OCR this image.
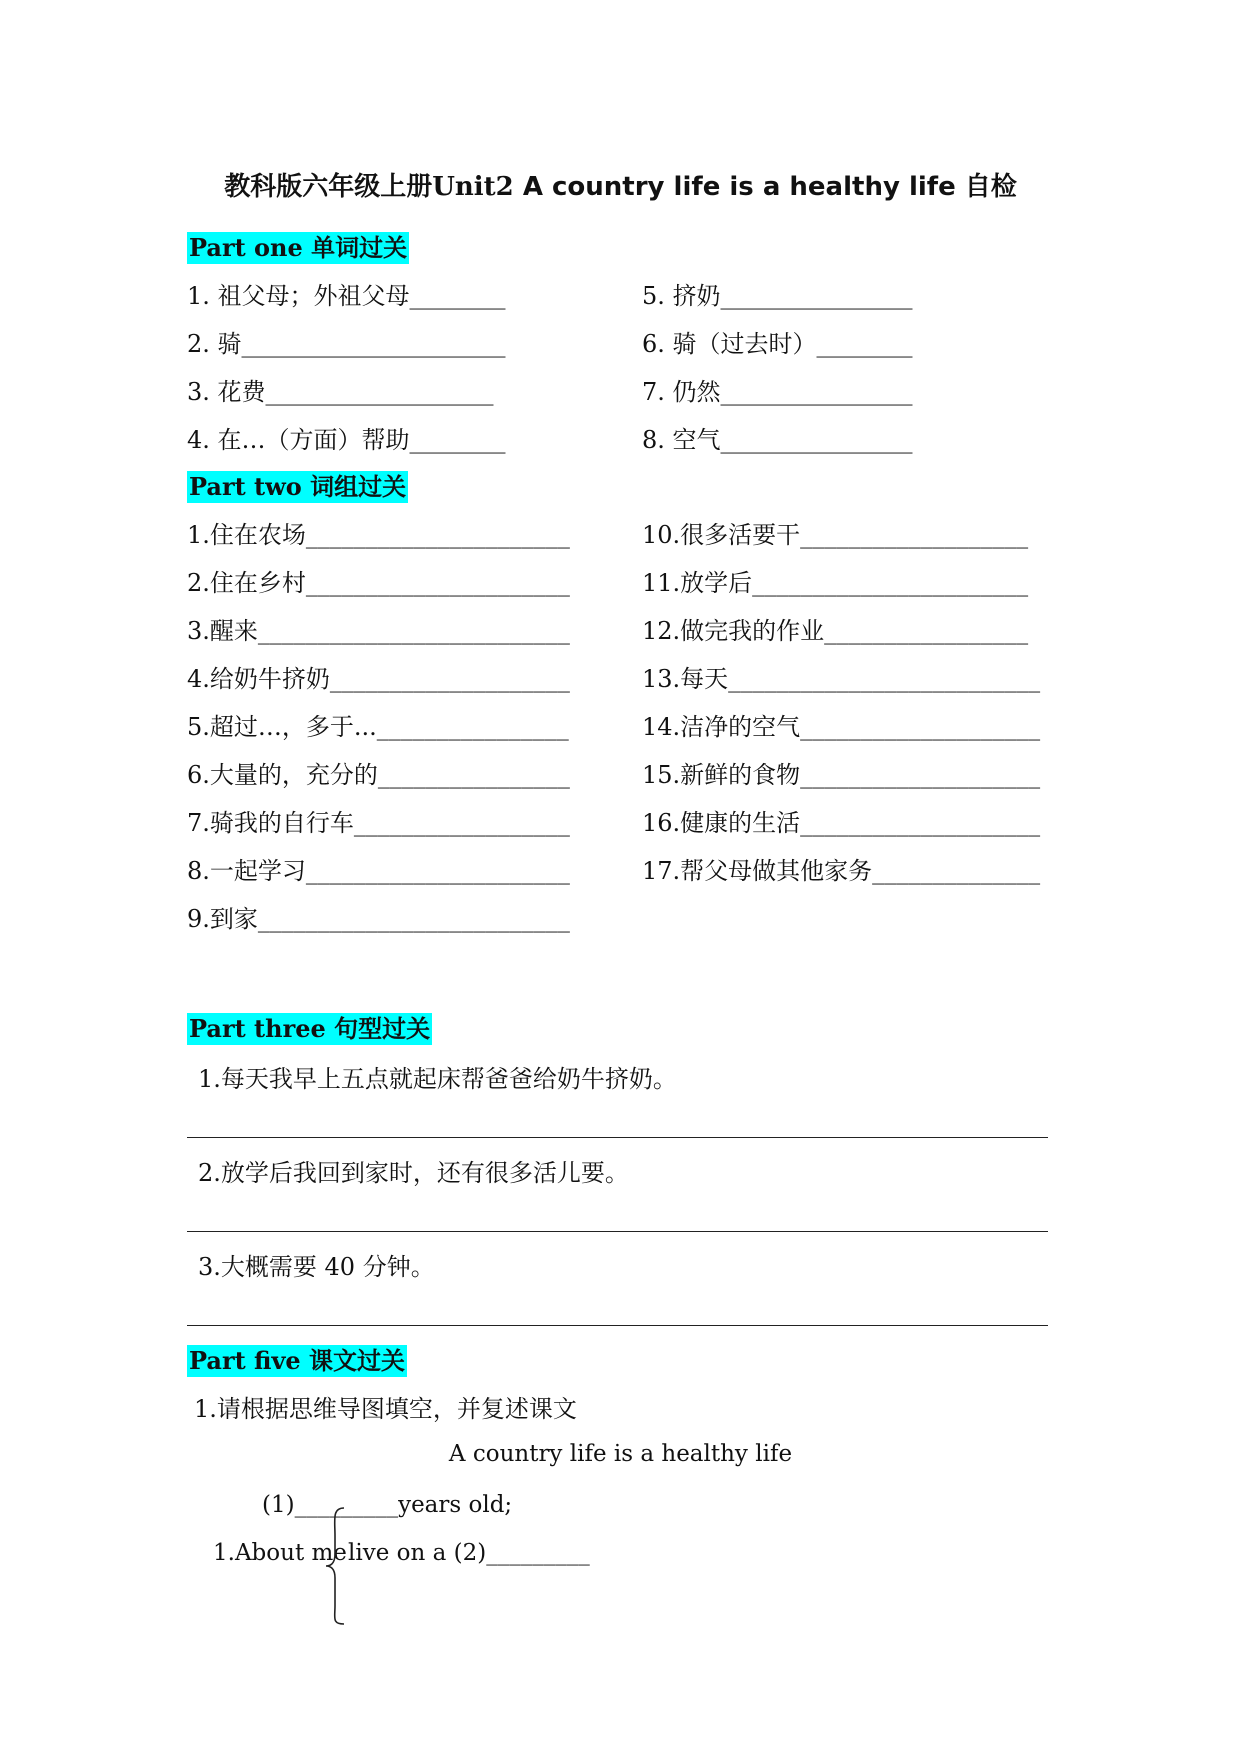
教科版六年级上册Unit2 A country life is a healthy life 自检
Part one 单词过关
1. 祖父母；外祖父母________
2. 骑______________________
3. 花费___________________
4. 在…（方面）帮助________
5. 挤奶________________
6. 骑（过去时）________
7. 仍然________________
8. 空气________________
Part two 词组过关
1.住在农场______________________
2.住在乡村______________________
3.醒来__________________________
4.给奶牛挤奶____________________
5.超过…，多于...________________
6.大量的，充分的________________
7.骑我的自行车__________________
8.一起学习______________________
9.到家__________________________
10.很多活要干___________________
11.放学后_______________________
12.做完我的作业_________________
13.每天__________________________
14.洁净的空气____________________
15.新鲜的食物____________________
16.健康的生活____________________
17.帮父母做其他家务______________
Part three 句型过关
1.每天我早上五点就起床帮爸爸给奶牛挤奶。
2.放学后我回到家时，还有很多活儿要。
3.大概需要 40 分钟。
Part five 课文过关
1.请根据思维导图填空，并复述课文
A country life is a healthy life
(1)_________years old;
1.About me live on a (2)_________
